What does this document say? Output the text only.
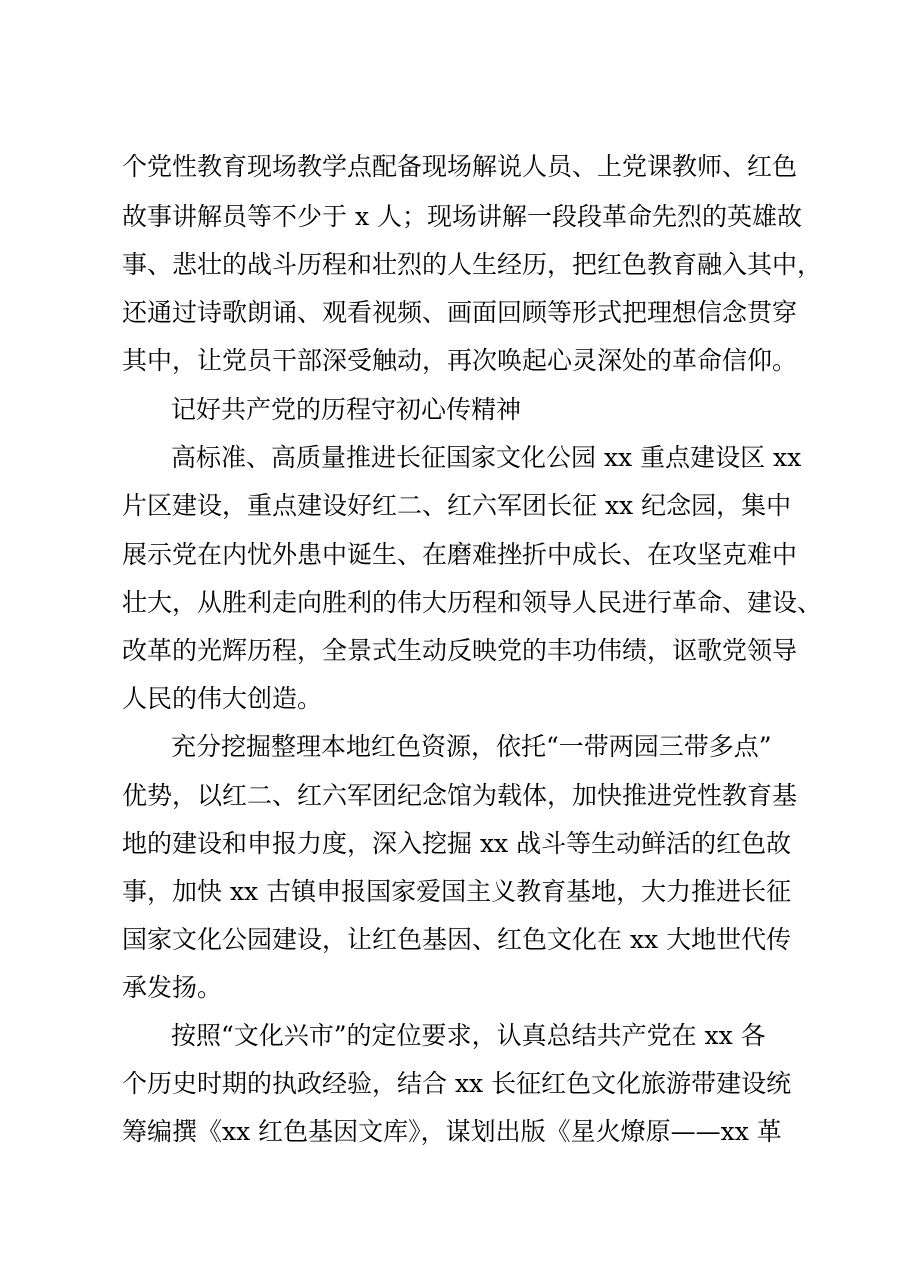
个党性教育现场教学点配备现场解说人员、上党课教师、红色
故事讲解员等不少于 x 人；现场讲解一段段革命先烈的英雄故
事、悲壮的战斗历程和壮烈的人生经历，把红色教育融入其中，
还通过诗歌朗诵、观看视频、画面回顾等形式把理想信念贯穿
其中，让党员干部深受触动，再次唤起心灵深处的革命信仰。
记好共产党的历程守初心传精神
高标准、高质量推进长征国家文化公园 xx 重点建设区 xx
片区建设，重点建设好红二、红六军团长征 xx 纪念园，集中
展示党在内忧外患中诞生、在磨难挫折中成长、在攻坚克难中
壮大，从胜利走向胜利的伟大历程和领导人民进行革命、建设、
改革的光辉历程，全景式生动反映党的丰功伟绩，讴歌党领导
人民的伟大创造。
充分挖掘整理本地红色资源，依托“一带两园三带多点”
优势，以红二、红六军团纪念馆为载体，加快推进党性教育基
地的建设和申报力度，深入挖掘 xx 战斗等生动鲜活的红色故
事，加快 xx 古镇申报国家爱国主义教育基地，大力推进长征
国家文化公园建设，让红色基因、红色文化在 xx 大地世代传
承发扬。
按照“文化兴市”的定位要求，认真总结共产党在 xx 各
个历史时期的执政经验，结合 xx 长征红色文化旅游带建设统
筹编撰《xx 红色基因文库》，谋划出版《星火燎原——xx 革
